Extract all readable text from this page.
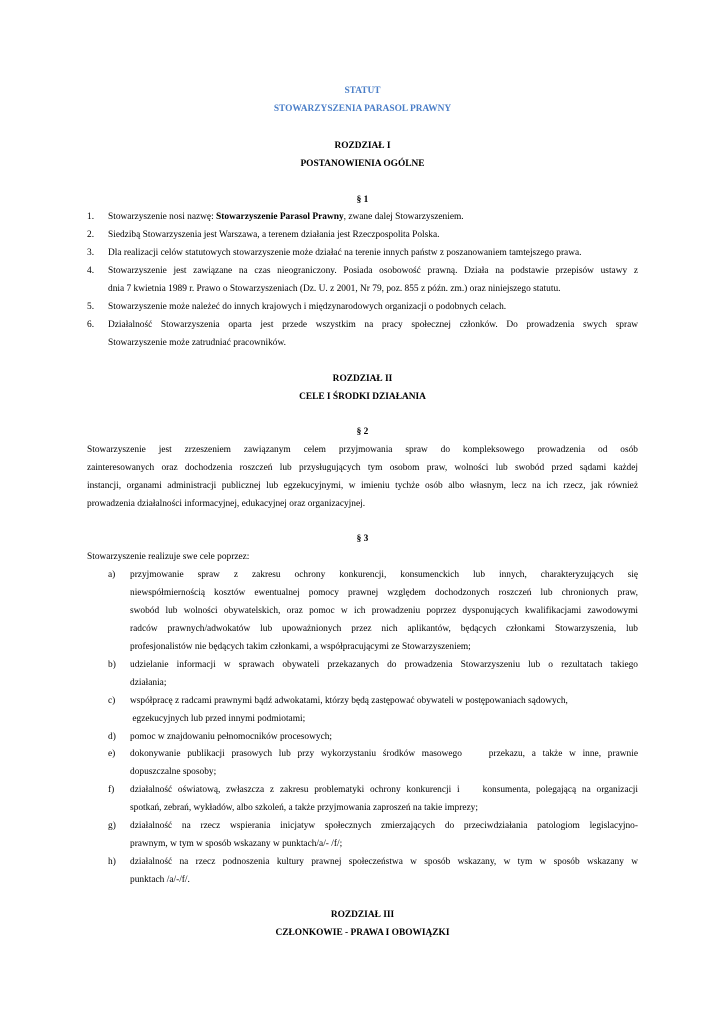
STATUT
STOWARZYSZENIA PARASOL PRAWNY
ROZDZIAŁ I
POSTANOWIENIA OGÓLNE
§ 1
1. Stowarzyszenie nosi nazwę: Stowarzyszenie Parasol Prawny, zwane dalej Stowarzyszeniem.
2. Siedzibą Stowarzyszenia jest Warszawa, a terenem działania jest Rzeczpospolita Polska.
3. Dla realizacji celów statutowych stowarzyszenie może działać na terenie innych państw z poszanowaniem tamtejszego prawa.
4. Stowarzyszenie jest zawiązane na czas nieograniczony. Posiada osobowość prawną. Działa na podstawie przepisów ustawy z
dnia 7 kwietnia 1989 r. Prawo o Stowarzyszeniach (Dz. U. z 2001, Nr 79, poz. 855 z późn. zm.) oraz niniejszego statutu.
5. Stowarzyszenie może należeć do innych krajowych i międzynarodowych organizacji o podobnych celach.
6. Działalność Stowarzyszenia oparta jest przede wszystkim na pracy społecznej członków. Do prowadzenia swych spraw
Stowarzyszenie może zatrudniać pracowników.
ROZDZIAŁ II
CELE I ŚRODKI DZIAŁANIA
§ 2
Stowarzyszenie jest zrzeszeniem zawiązanym celem przyjmowania spraw do kompleksowego prowadzenia od osób
zainteresowanych oraz dochodzenia roszczeń lub przysługujących tym osobom praw, wolności lub swobód przed sądami każdej
instancji, organami administracji publicznej lub egzekucyjnymi, w imieniu tychże osób albo własnym, lecz na ich rzecz, jak również
prowadzenia działalności informacyjnej, edukacyjnej oraz organizacyjnej.
§ 3
Stowarzyszenie realizuje swe cele poprzez:
a) przyjmowanie spraw z zakresu ochrony konkurencji, konsumenckich lub innych, charakteryzujących się
niewspółmiernością kosztów ewentualnej pomocy prawnej względem dochodzonych roszczeń lub chronionych praw,
swobód lub wolności obywatelskich, oraz pomoc w ich prowadzeniu poprzez dysponujących kwalifikacjami zawodowymi
radców prawnych/adwokatów lub upoważnionych przez nich aplikantów, będących członkami Stowarzyszenia, lub
profesjonalistów nie będących takim członkami, a współpracującymi ze Stowarzyszeniem;
b) udzielanie informacji w sprawach obywateli przekazanych do prowadzenia Stowarzyszeniu lub o rezultatach takiego
działania;
c) współpracę z radcami prawnymi bądź adwokatami, którzy będą zastępować obywateli w postępowaniach sądowych,
egzekucyjnych lub przed innymi podmiotami;
d) pomoc w znajdowaniu pełnomocników procesowych;
e) dokonywanie publikacji prasowych lub przy wykorzystaniu środków masowego    przekazu, a także w inne, prawnie
dopuszczalne sposoby;
f) działalność oświatową, zwłaszcza z zakresu problematyki ochrony konkurencji i    konsumenta, polegającą na organizacji
spotkań, zebrań, wykładów, albo szkoleń, a także przyjmowania zaproszeń na takie imprezy;
g) działalność na rzecz wspierania inicjatyw społecznych zmierzających do przeciwdziałania patologiom legislacyjno-
prawnym, w tym w sposób wskazany w punktach/a/- /f/;
h) działalność na rzecz podnoszenia kultury prawnej społeczeństwa w sposób wskazany, w tym w sposób wskazany w
punktach /a/-/f/.
ROZDZIAŁ III
CZŁONKOWIE - PRAWA I OBOWIĄZKI
